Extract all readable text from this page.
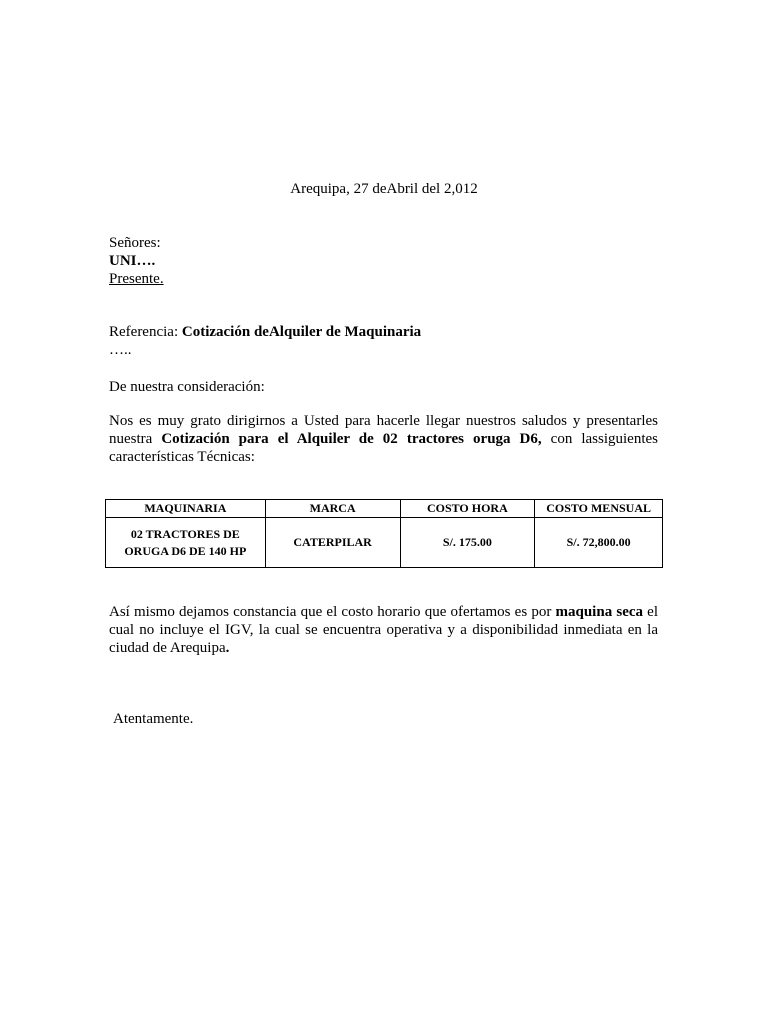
Arequipa, 27 deAbril del 2,012
Señores:
UNI….
Presente.
Referencia: Cotización deAlquiler de Maquinaria
…..
De nuestra consideración:
Nos es muy grato dirigirnos a Usted para hacerle llegar nuestros saludos y presentarles nuestra Cotización para el Alquiler de 02 tractores oruga D6, con lassiguientes características Técnicas:
MAQUINARIA	MARCA	COSTO HORA	COSTO MENSUAL

02 TRACTORES DE
ORUGA D6 DE 140 HP	CATERPILAR	S/. 175.00	S/. 72,800.00
Así mismo dejamos constancia que el costo horario que ofertamos es por maquina seca el cual no incluye el IGV, la cual se encuentra operativa y a disponibilidad inmediata en la ciudad de Arequipa.
Atentamente.
